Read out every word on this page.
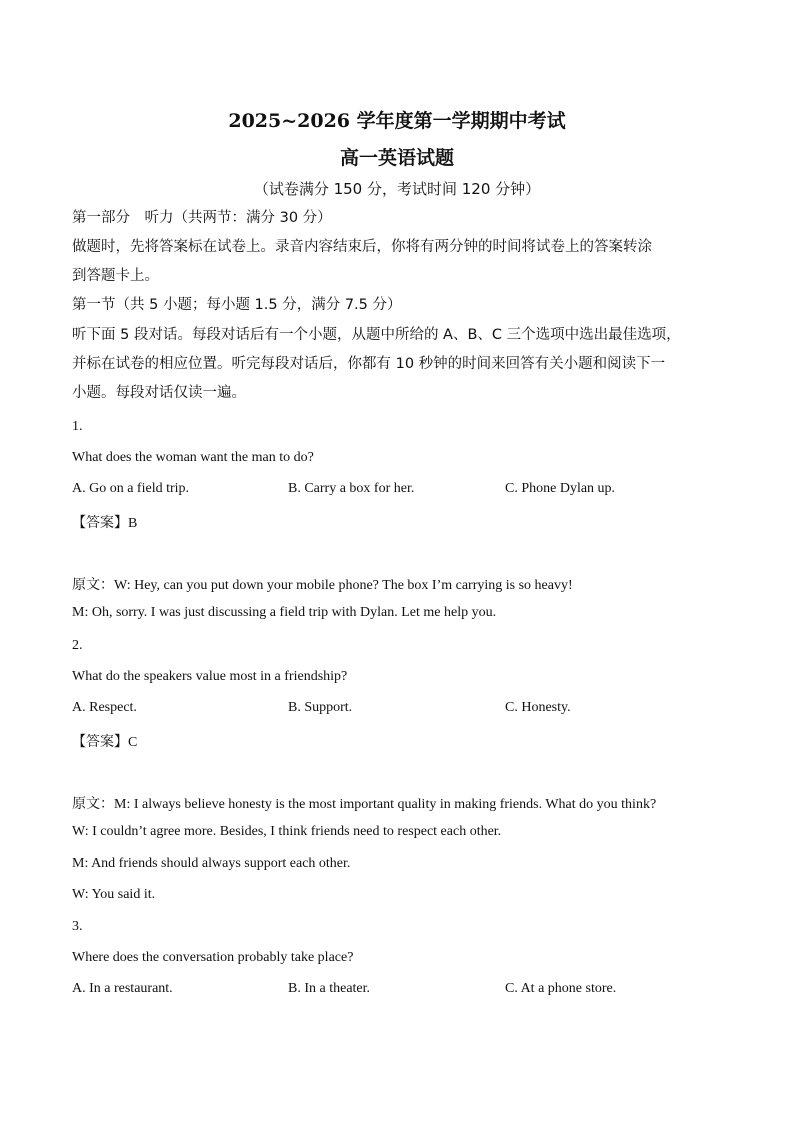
2025~2026 学年度第一学期期中考试
高一英语试题
（试卷满分 150 分，考试时间 120 分钟）
第一部分　听力（共两节：满分 30 分）
做题时，先将答案标在试卷上。录音内容结束后，你将有两分钟的时间将试卷上的答案转涂
到答题卡上。
第一节（共 5 小题；每小题 1.5 分，满分 7.5 分）
听下面 5 段对话。每段对话后有一个小题，从题中所给的 A、B、C 三个选项中选出最佳选项，
并标在试卷的相应位置。听完每段对话后，你都有 10 秒钟的时间来回答有关小题和阅读下一
小题。每段对话仅读一遍。
1.
What does the woman want the man to do?
A. Go on a field trip.	B. Carry a box for her.	C. Phone Dylan up.
【答案】B
原文：W: Hey, can you put down your mobile phone? The box I’m carrying is so heavy!
M: Oh, sorry. I was just discussing a field trip with Dylan. Let me help you.
2.
What do the speakers value most in a friendship?
A. Respect.	B. Support.	C. Honesty.
【答案】C
原文：M: I always believe honesty is the most important quality in making friends. What do you think?
W: I couldn’t agree more. Besides, I think friends need to respect each other.
M: And friends should always support each other.
W: You said it.
3.
Where does the conversation probably take place?
A. In a restaurant.	B. In a theater.	C. At a phone store.
